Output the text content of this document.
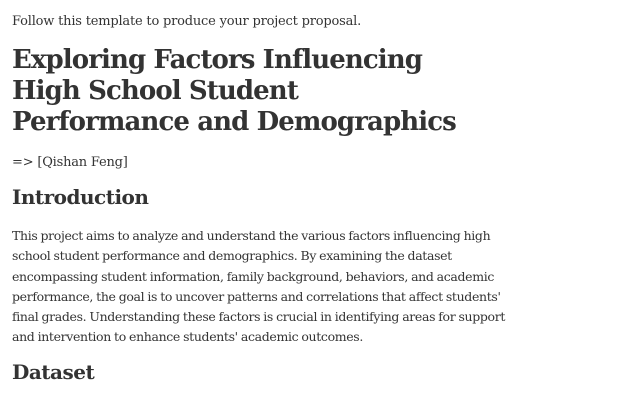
Follow this template to produce your project proposal.

Exploring Factors Influencing High School Student Performance and Demographics

=> [Qishan Feng]

Introduction

This project aims to analyze and understand the various factors influencing high school student performance and demographics. By examining the dataset encompassing student information, family background, behaviors, and academic performance, the goal is to uncover patterns and correlations that affect students' final grades. Understanding these factors is crucial in identifying areas for support and intervention to enhance students' academic outcomes.

Dataset
